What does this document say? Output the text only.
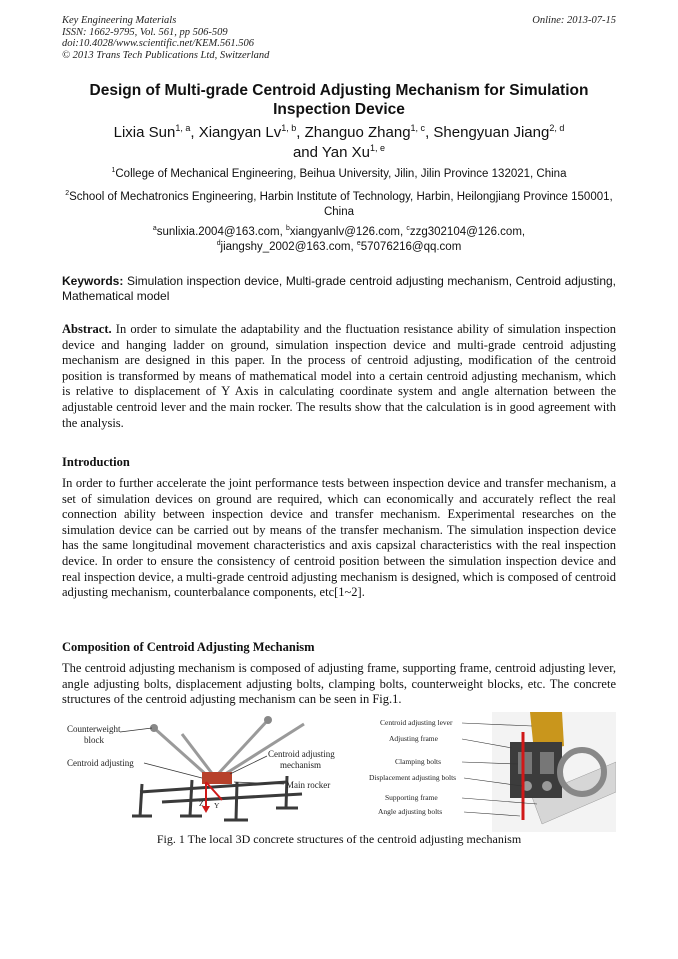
Key Engineering Materials
ISSN: 1662-9795, Vol. 561, pp 506-509
doi:10.4028/www.scientific.net/KEM.561.506
© 2013 Trans Tech Publications Ltd, Switzerland
Online: 2013-07-15
Design of Multi-grade Centroid Adjusting Mechanism for Simulation Inspection Device
Lixia Sun$^{1, a}$, Xiangyan Lv$^{1, b}$, Zhanguo Zhang$^{1, c}$, Shengyuan Jiang$^{2, d}$
and Yan Xu$^{1, e}$
$^1$College of Mechanical Engineering, Beihua University, Jilin, Jilin Province 132021, China
$^2$School of Mechatronics Engineering, Harbin Institute of Technology, Harbin, Heilongjiang Province 150001, China
$^a$sunlixia.2004@163.com, $^b$xiangyanlv@126.com, $^c$zzg302104@126.com,
$^d$jiangshy_2002@163.com, $^e$57076216@qq.com
Keywords: Simulation inspection device, Multi-grade centroid adjusting mechanism, Centroid adjusting, Mathematical model
Abstract. In order to simulate the adaptability and the fluctuation resistance ability of simulation inspection device and hanging ladder on ground, simulation inspection device and multi-grade centroid adjusting mechanism are designed in this paper. In the process of centroid adjusting, modification of the centroid position is transformed by means of mathematical model into a certain centroid adjusting mechanism, which is relative to displacement of Y Axis in calculating coordinate system and angle alternation between the adjustable centroid lever and the main rocker. The results show that the calculation is in good agreement with the analysis.
Introduction
In order to further accelerate the joint performance tests between inspection device and transfer mechanism, a set of simulation devices on ground are required, which can economically and accurately reflect the real connection ability between inspection device and transfer mechanism. Experimental researches on the simulation device can be carried out by means of the transfer mechanism. The simulation inspection device has the same longitudinal movement characteristics and axis capsizal characteristics with the real inspection device. In order to ensure the consistency of centroid position between the simulation inspection device and real inspection device, a multi-grade centroid adjusting mechanism is designed, which is composed of centroid adjusting mechanism, counterbalance components, etc[1~2].
Composition of Centroid Adjusting Mechanism
The centroid adjusting mechanism is composed of adjusting frame, supporting frame, centroid adjusting lever, angle adjusting bolts, displacement adjusting bolts, clamping bolts, counterweight blocks, etc. The concrete structures of the centroid adjusting mechanism can be seen in Fig.1.
Z Y
Counterweight
block
Centroid adjusting
Centroid adjusting
mechanism
Main rocker
Centroid adjusting lever
Adjusting frame
Clamping bolts
Displacement adjusting bolts
Supporting frame
Angle adjusting bolts
Fig. 1 The local 3D concrete structures of the centroid adjusting mechanism
